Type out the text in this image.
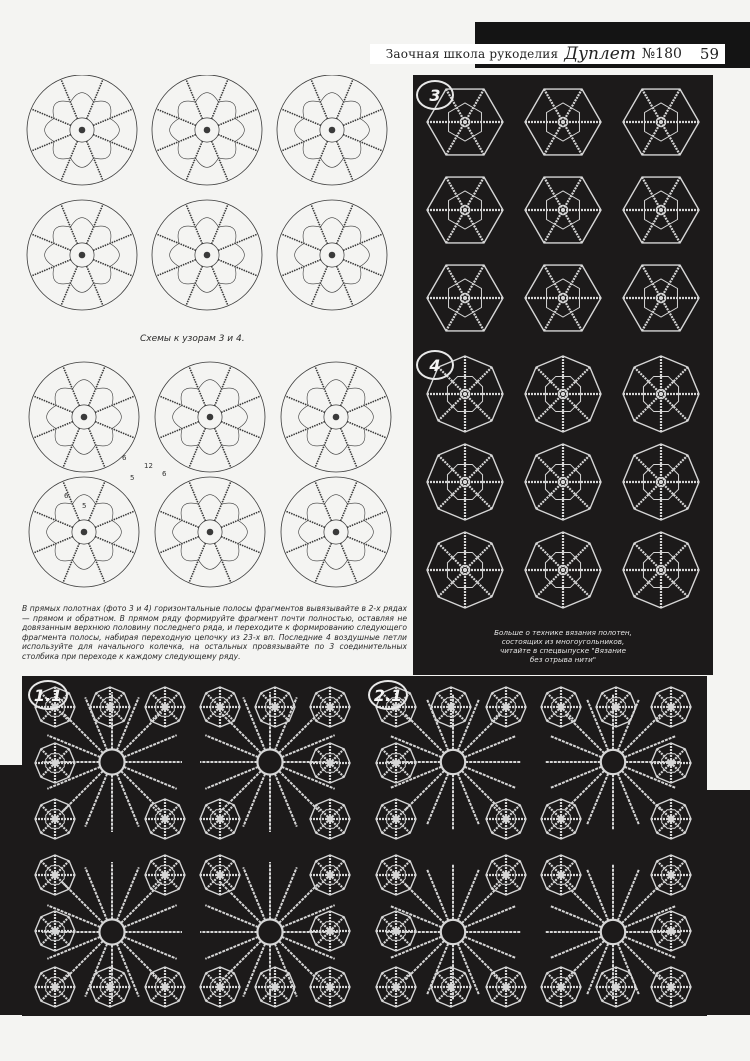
Заочная школа рукоделия Дуплет №180 59
Схемы к узорам 3 и 4.
6
5
12
6
6
5

В прямых полотнах (фото 3 и 4) горизонтальные полосы фрагментов вывязывайте в 2-х рядах — прямом и обратном. В прямом ряду формируйте фрагмент почти полностью, оставляя не довязанным верхнюю половину последнего ряда, и переходите к формированию следующего фрагмента полосы, набирая переходную цепочку из 23-х вп. Последние 4 воздушные петли используйте для начального колечка, на остальных провязывайте по 3 соединительных столбика при переходе к каждому следующему ряду.

3
4

Больше о технике вязания полотен, состоящих из многоугольников, читайте в спецвыпуске "Вязание без отрыва нити"

1.1	2.1
